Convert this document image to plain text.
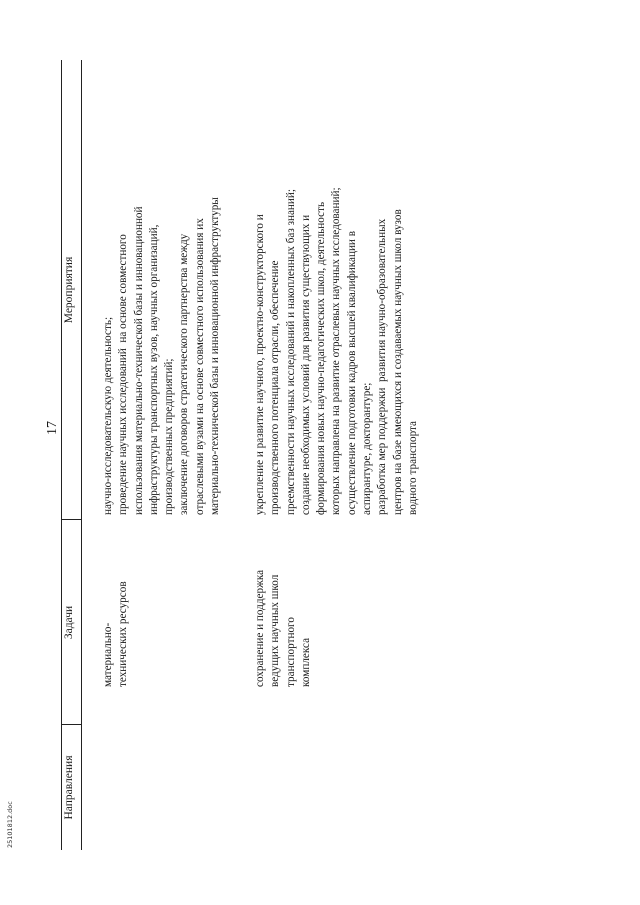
17
Направления
Задачи
Мероприятия
материально-
технических ресурсов
научно-исследовательскую деятельность;
проведение научных исследований  на основе совместного
использования материально-технической базы и инновационной
инфраструктуры транспортных вузов, научных организаций,
производственных предприятий;
заключение договоров стратегического партнерства между
отраслевыми вузами на основе совместного использования их
материально-технической базы и инновационной инфраструктуры
сохранение и поддержка
ведущих научных школ
транспортного
комплекса
укрепление и развитие научного, проектно-конструкторского и
производственного потенциала отрасли, обеспечение
преемственности научных исследований и накопленных баз знаний;
создание необходимых условий для развития существующих и
формирования новых научно-педагогических школ, деятельность
которых направлена на развитие отраслевых научных исследований;
осуществление подготовки кадров высшей квалификации в
аспирантуре, докторантуре;
разработка мер поддержки  развития научно-образовательных
центров на базе имеющихся и создаваемых научных школ вузов
водного транспорта
25101812.doc
